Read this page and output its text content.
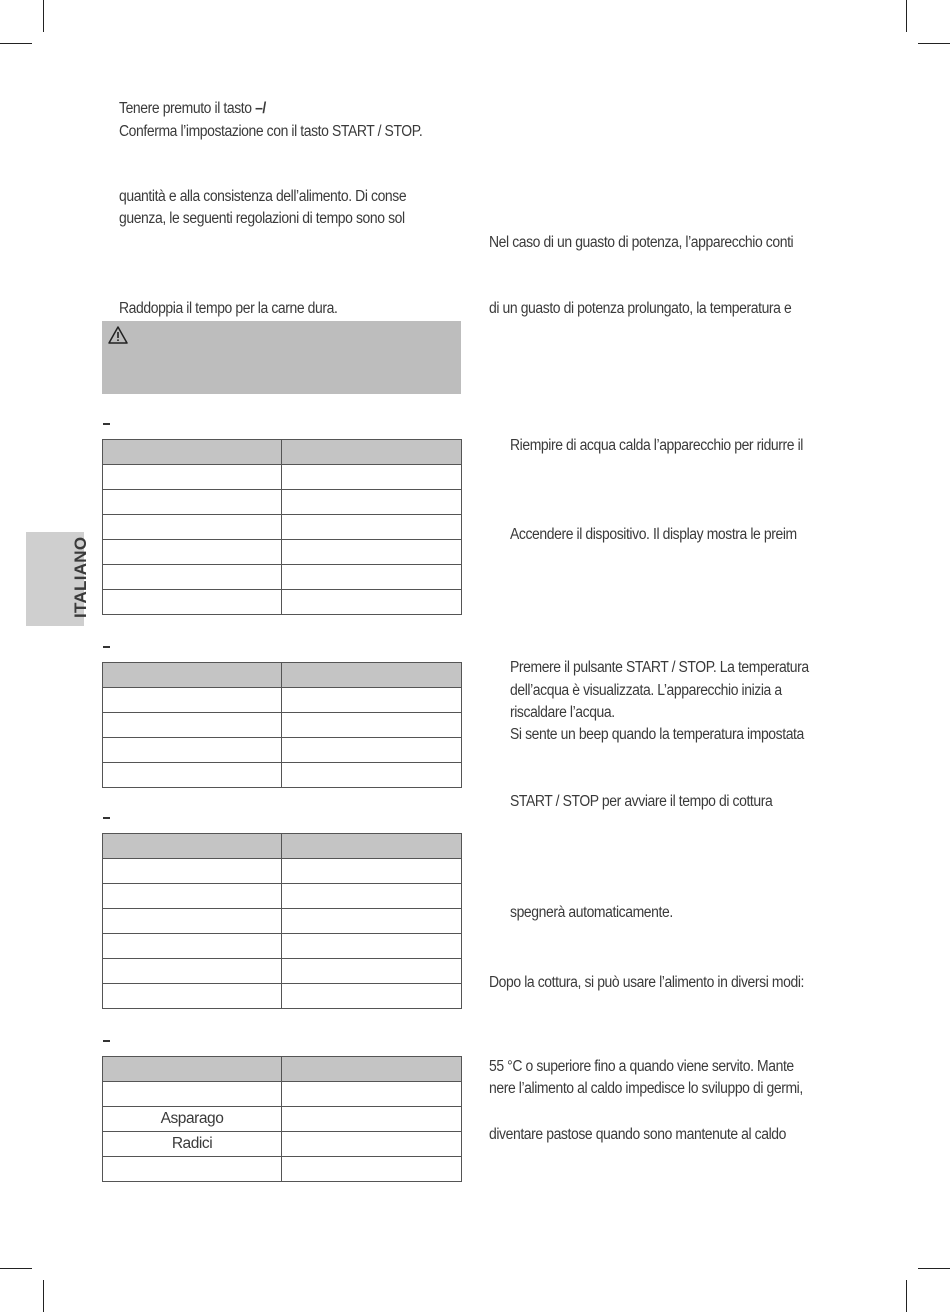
ITALIANO
Tenere premuto il tasto –/
Conferma l’impostazione con il tasto START / STOP.
quantità e alla consistenza dell’alimento. Di conse
guenza, le seguenti regolazioni di tempo sono sol
Raddoppia il tempo per la carne dura.

Asparago	
Radici	

Nel caso di un guasto di potenza, l’apparecchio conti
di un guasto di potenza prolungato, la temperatura e
Riempire di acqua calda l’apparecchio per ridurre il
Accendere il dispositivo. Il display mostra le preim
Premere il pulsante START / STOP. La temperatura
dell’acqua è visualizzata. L’apparecchio inizia a
riscaldare l’acqua.
Si sente un beep quando la temperatura impostata
START / STOP per avviare il tempo di cottura
spegnerà automaticamente.
Dopo la cottura, si può usare l’alimento in diversi modi:
55 °C o superiore fino a quando viene servito. Mante
nere l’alimento al caldo impedisce lo sviluppo di germi,
diventare pastose quando sono mantenute al caldo
